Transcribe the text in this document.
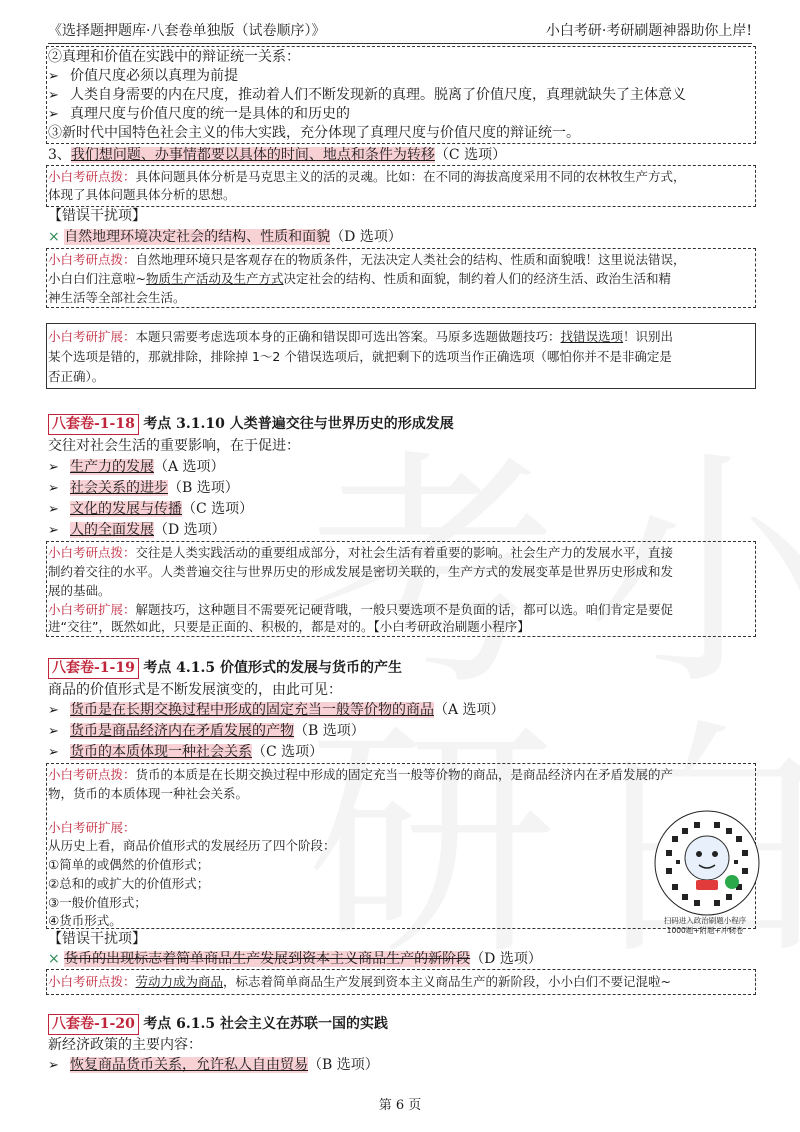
《选择题押题库·八套卷单独版（试卷顺序）》	小白考研·考研刷题神器助你上岸!
②真理和价值在实践中的辩证统一关系：
➢ 价值尺度必须以真理为前提
➢ 人类自身需要的内在尺度，推动着人们不断发现新的真理。脱离了价值尺度，真理就缺失了主体意义
➢ 真理尺度与价值尺度的统一是具体的和历史的
③新时代中国特色社会主义的伟大实践，充分体现了真理尺度与价值尺度的辩证统一。
3、我们想问题、办事情都要以具体的时间、地点和条件为转移（C 选项）
小白考研点拨：具体问题具体分析是马克思主义的活的灵魂。比如：在不同的海拔高度采用不同的农林牧生产方式，
体现了具体问题具体分析的思想。
【错误干扰项】
× 自然地理环境决定社会的结构、性质和面貌（D 选项）
小白考研点拨：自然地理环境只是客观存在的物质条件，无法决定人类社会的结构、性质和面貌哦！这里说法错误，
小白白们注意啦~物质生产活动及生产方式决定社会的结构、性质和面貌，制约着人们的经济生活、政治生活和精
神生活等全部社会生活。
小白考研扩展：本题只需要考虑选项本身的正确和错误即可选出答案。马原多选题做题技巧：找错误选项！识别出
某个选项是错的，那就排除，排除掉 1～2 个错误选项后，就把剩下的选项当作正确选项（哪怕你并不是非确定是
否正确）。
八套卷-1-18 考点 3.1.10 人类普遍交往与世界历史的形成发展
交往对社会生活的重要影响，在于促进：
➢ 生产力的发展（A 选项）
➢ 社会关系的进步（B 选项）
➢ 文化的发展与传播（C 选项）
➢ 人的全面发展（D 选项）
小白考研点拨：交往是人类实践活动的重要组成部分，对社会生活有着重要的影响。社会生产力的发展水平，直接
制约着交往的水平。人类普遍交往与世界历史的形成发展是密切关联的，生产方式的发展变革是世界历史形成和发
展的基础。
小白考研扩展：解题技巧，这种题目不需要死记硬背哦，一般只要选项不是负面的话，都可以选。咱们肯定是要促
进“交往”，既然如此，只要是正面的、积极的，都是对的。【小白考研政治刷题小程序】
八套卷-1-19 考点 4.1.5 价值形式的发展与货币的产生
商品的价值形式是不断发展演变的，由此可见：
➢ 货币是在长期交换过程中形成的固定充当一般等价物的商品（A 选项）
➢ 货币是商品经济内在矛盾发展的产物（B 选项）
➢ 货币的本质体现一种社会关系（C 选项）
小白考研点拨：货币的本质是在长期交换过程中形成的固定充当一般等价物的商品，是商品经济内在矛盾发展的产
物，货币的本质体现一种社会关系。
小白考研扩展：
从历史上看，商品价值形式的发展经历了四个阶段：
①简单的或偶然的价值形式；
②总和的或扩大的价值形式；
③一般价值形式；
④货币形式。	扫码进入政治刷题小程序
1000题+附题+冲刺卷
【错误干扰项】
× 货币的出现标志着简单商品生产发展到资本主义商品生产的新阶段（D 选项）
小白考研点拨：劳动力成为商品，标志着简单商品生产发展到资本主义商品生产的新阶段，小小白们不要记混啦~
八套卷-1-20 考点 6.1.5 社会主义在苏联一国的实践
新经济政策的主要内容：
➢ 恢复商品货币关系，允许私人自由贸易（B 选项）
第 6 页
